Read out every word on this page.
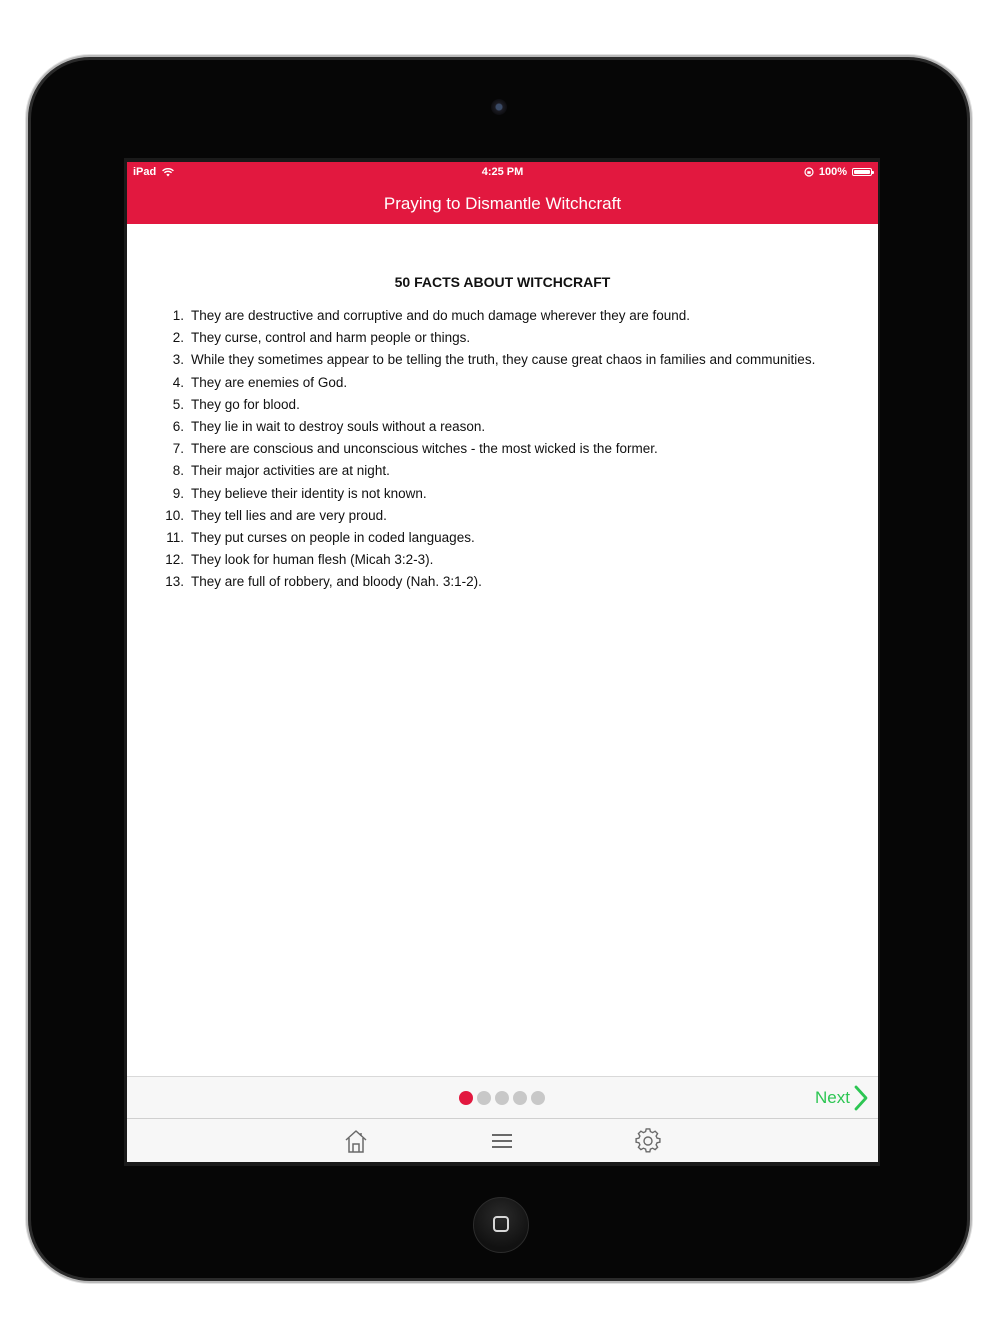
iPad	4:25 PM	100%
Praying to Dismantle Witchcraft
50 FACTS ABOUT WITCHCRAFT
1. They are destructive and corruptive and do much damage wherever they are found.
2. They curse, control and harm people or things.
3. While they sometimes appear to be telling the truth, they cause great chaos in families and communities.
4. They are enemies of God.
5. They go for blood.
6. They lie in wait to destroy souls without a reason.
7. There are conscious and unconscious witches - the most wicked is the former.
8. Their major activities are at night.
9. They believe their identity is not known.
10. They tell lies and are very proud.
11. They put curses on people in coded languages.
12. They look for human flesh (Micah 3:2-3).
13. They are full of robbery, and bloody (Nah. 3:1-2).
Next
